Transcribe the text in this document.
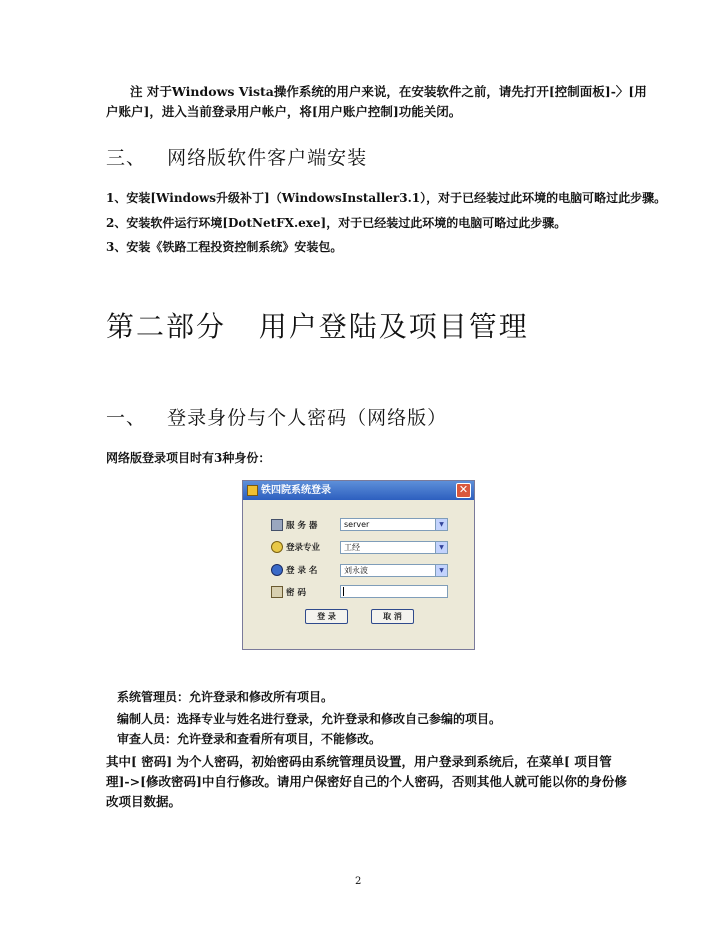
注 对于Windows Vista操作系统的用户来说，在安装软件之前，请先打开[控制面板]-〉[用
户账户]，进入当前登录用户帐户，将[用户账户控制]功能关闭。
三、   网络版软件客户端安装
1、安装[Windows升级补丁]（WindowsInstaller3.1），对于已经装过此环境的电脑可略过此步骤。
2、安装软件运行环境[DotNetFX.exe]，对于已经装过此环境的电脑可略过此步骤。
3、安装《铁路工程投资控制系统》安装包。
第二部分   用户登陆及项目管理
一、   登录身份与个人密码（网络版）
网络版登录项目时有3种身份：
铁四院系统登录	✕
服 务 器	server	▼
登录专业	工经	▼
登 录 名	刘永波	▼
密 码
登 录	取 消
系统管理员：允许登录和修改所有项目。
编制人员：选择专业与姓名进行登录，允许登录和修改自己参编的项目。
审查人员：允许登录和查看所有项目，不能修改。
其中[ 密码] 为个人密码，初始密码由系统管理员设置，用户登录到系统后，在菜单[ 项目管
理]->[修改密码]中自行修改。请用户保密好自己的个人密码，否则其他人就可能以你的身份修
改项目数据。
2
